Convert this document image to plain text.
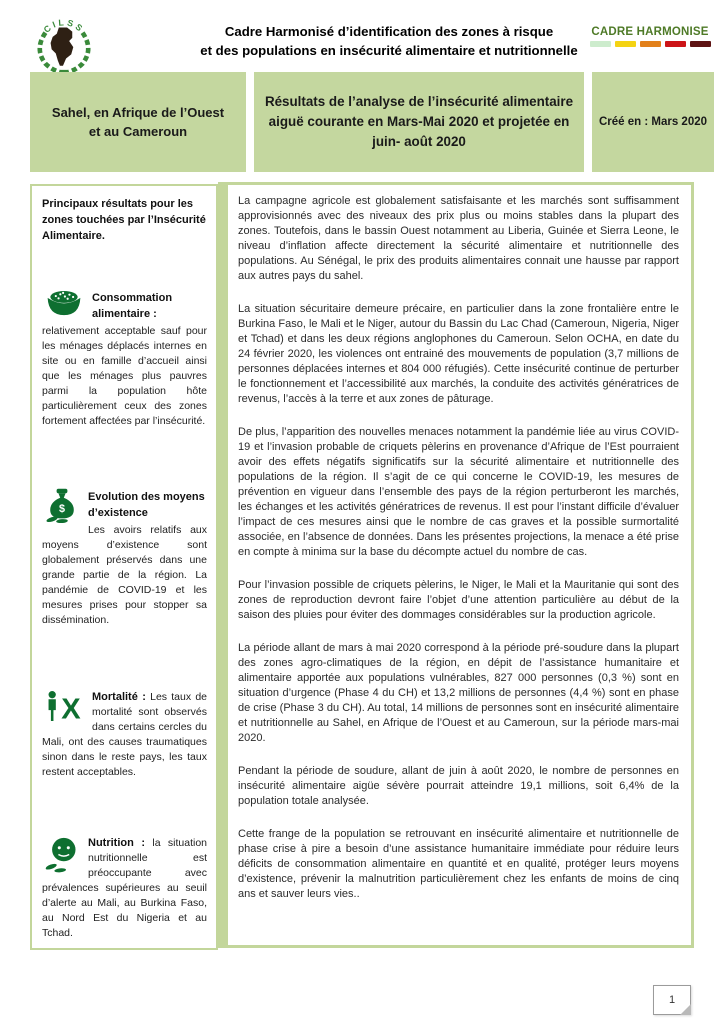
CILSS	Cadre Harmonisé d’identification des zones à risque
et des populations en insécurité alimentaire et nutritionnelle
CADRE HARMONISE
Sahel, en Afrique de l’Ouest et au Cameroun
Résultats de l’analyse de l’insécurité alimentaire aiguë courante en Mars-Mai 2020 et projetée en juin- août 2020
Créé en : Mars 2020
Principaux résultats pour les zones touchées par l’Insécurité Alimentaire.
Consommation alimentaire :

relativement acceptable sauf pour les ménages déplacés internes en site ou en famille d’accueil ainsi que les ménages plus pauvres parmi la population hôte particulièrement ceux des zones fortement affectées par l’insécurité.

$
Evolution des moyens d’existence

Les avoirs relatifs aux moyens d’existence sont globalement préservés dans une grande partie de la région. La pandémie de COVID-19 et les mesures prises pour stopper sa dissémination.

X	Mortalité : Les taux de mortalité sont observés dans certains cercles du Mali, ont des causes traumatiques sinon dans le reste pays, les taux restent acceptables.

Nutrition : la situation nutritionnelle est préoccupante avec prévalences supérieures au seuil d’alerte au Mali, au Burkina Faso, au Nord Est du Nigeria et au Tchad.

La campagne agricole est globalement satisfaisante et les marchés sont suffisamment approvisionnés avec des niveaux des prix plus ou moins stables dans la plupart des zones. Toutefois, dans le bassin Ouest notamment au Liberia, Guinée et Sierra Leone, le niveau d’inflation affecte directement la sécurité alimentaire et nutritionnelle des populations. Au Sénégal, le prix des produits alimentaires connait une hausse par rapport aux autres pays du sahel.

La situation sécuritaire demeure précaire, en particulier dans la zone frontalière entre le Burkina Faso, le Mali et le Niger, autour du Bassin du Lac Chad (Cameroun, Nigeria, Niger et Tchad) et dans les deux régions anglophones du Cameroun. Selon OCHA, en date du 24 février 2020, les violences ont entrainé des mouvements de population (3,7 millions de personnes déplacées internes et 804 000 réfugiés). Cette insécurité continue de perturber le fonctionnement et l’accessibilité aux marchés, la conduite des activités génératrices de revenus, l’accès à la terre et aux zones de pâturage.

De plus, l’apparition des nouvelles menaces notamment la pandémie liée au virus COVID-19 et l’invasion probable de criquets pèlerins en provenance d’Afrique de l’Est pourraient avoir des effets négatifs significatifs sur la sécurité alimentaire et nutritionnelle des populations de la région. Il s’agit de ce qui concerne le COVID-19, les mesures de prévention en vigueur dans l’ensemble des pays de la région perturberont les marchés, les échanges et les activités génératrices de revenus. Il est pour l’instant difficile d’évaluer l’impact de ces mesures ainsi que le nombre de cas graves et la possible surmortalité associée, en l’absence de données. Dans les présentes projections, la menace a été prise en compte à minima sur la base du décompte actuel du nombre de cas.

Pour l’invasion possible de criquets pèlerins, le Niger, le Mali et la Mauritanie qui sont des zones de reproduction devront faire l’objet d’une attention particulière au début de la saison des pluies pour éviter des dommages considérables sur la production agricole.

La période allant de mars à mai 2020 correspond à la période pré-soudure dans la plupart des zones agro-climatiques de la région, en dépit de l’assistance humanitaire et alimentaire apportée aux populations vulnérables, 827 000 personnes (0,3 %) sont en situation d’urgence (Phase 4 du CH) et 13,2 millions de personnes (4,4 %) sont en phase de crise (Phase 3 du CH). Au total, 14 millions de personnes sont en insécurité alimentaire et nutritionnelle au Sahel, en Afrique de l’Ouest et au Cameroun, sur la période mars-mai 2020.

Pendant la période de soudure, allant de juin à août 2020, le nombre de personnes en insécurité alimentaire aigüe sévère pourrait atteindre 19,1 millions, soit 6,4% de la population totale analysée.

Cette frange de la population se retrouvant en insécurité alimentaire et nutritionnelle de phase crise à pire a besoin d’une assistance humanitaire immédiate pour réduire leurs déficits de consommation alimentaire en quantité et en qualité, protéger leurs moyens d’existence, prévenir la malnutrition particulièrement chez les enfants de moins de cinq ans et sauver leurs vies..

1
